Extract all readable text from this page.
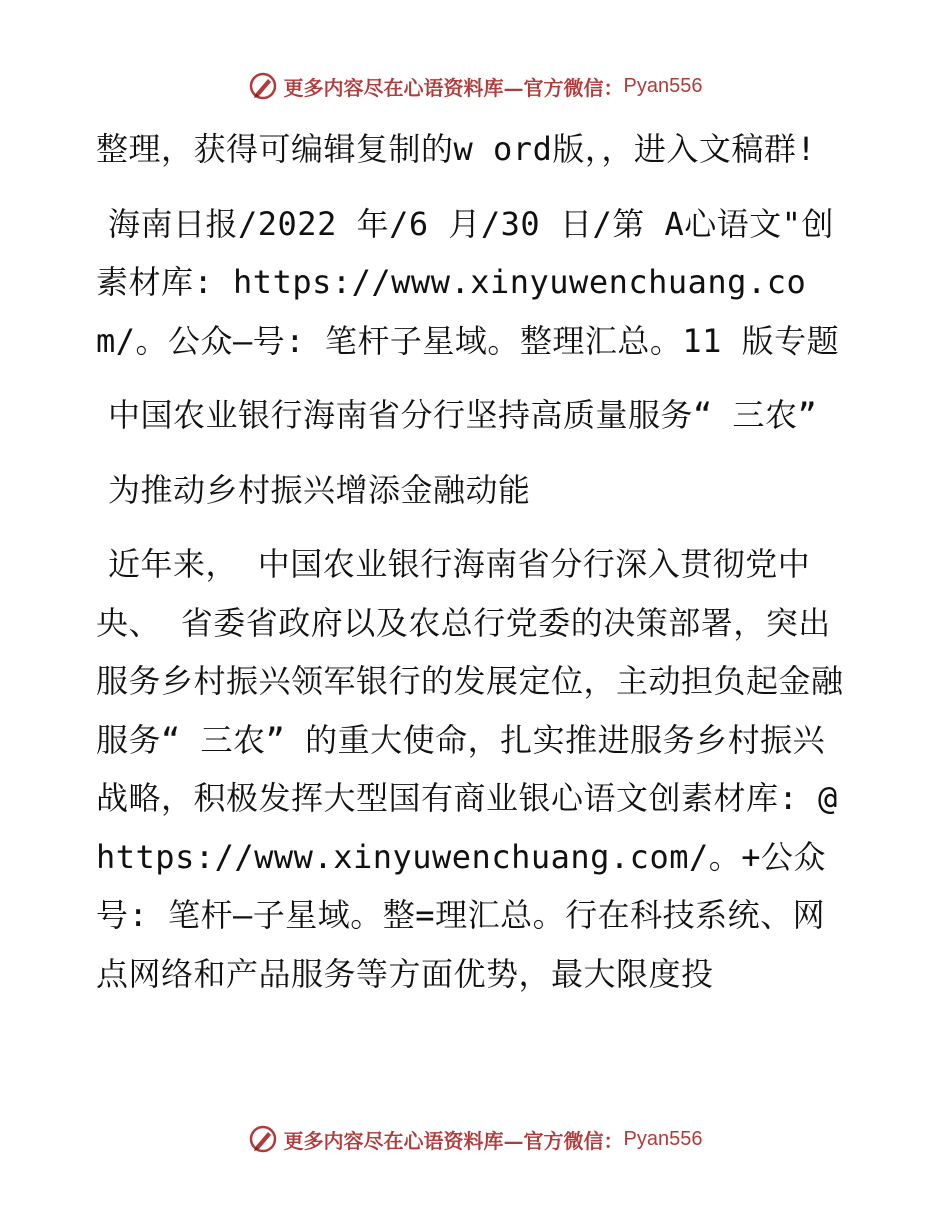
更多内容尽在心语资料库—官方微信： Pyan556

整理，获得可编辑复制的w ord版，，进入文稿群!

海南日报/2022 年/6 月/30 日/第 A心语文"创素材库: https://www.xinyuwenchuang.com/。公众—号: 笔杆子星域。整理汇总。11 版专题

中国农业银行海南省分行坚持高质量服务“ 三农”

为推动乡村振兴增添金融动能

近年来， 中国农业银行海南省分行深入贯彻党中央、 省委省政府以及农总行党委的决策部署，突出服务乡村振兴领军银行的发展定位，主动担负起金融服务“ 三农” 的重大使命，扎实推进服务乡村振兴战略，积极发挥大型国有商业银心语文创素材库: @https://www.xinyuwenchuang.com/。+公众号: 笔杆—子星域。整=理汇总。行在科技系统、网点网络和产品服务等方面优势，最大限度投

更多内容尽在心语资料库—官方微信： Pyan556
